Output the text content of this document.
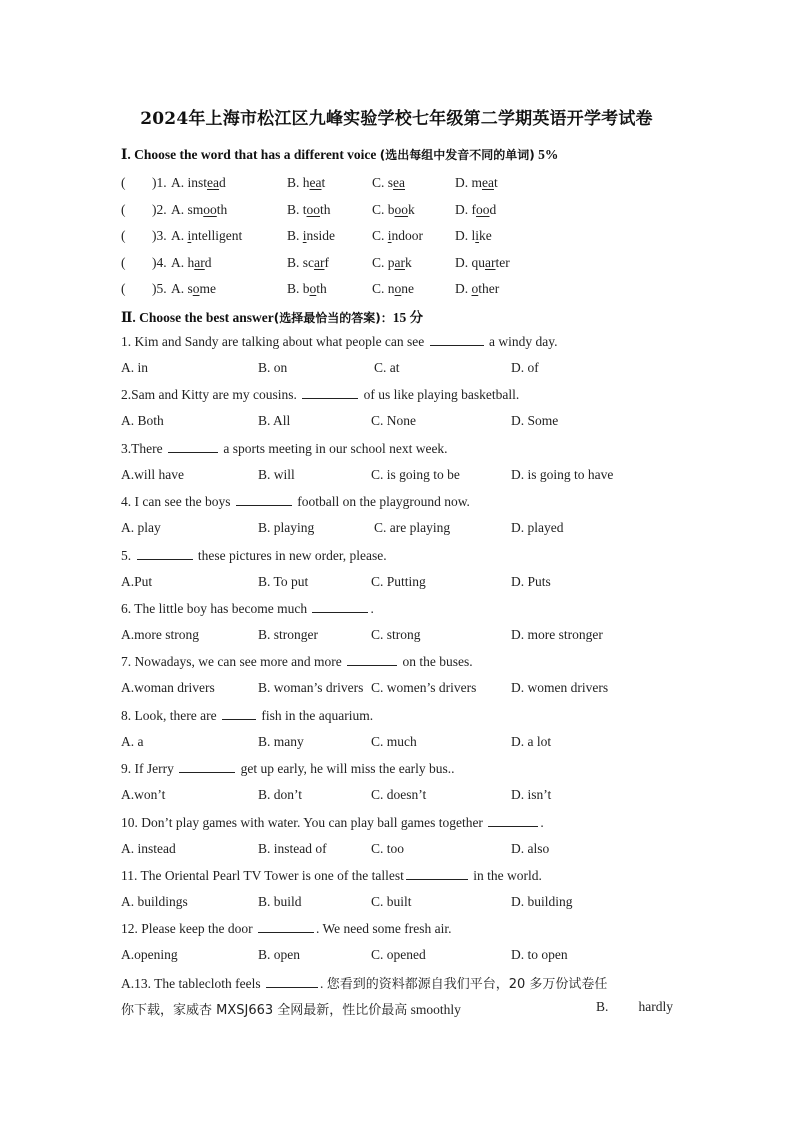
2024年上海市松江区九峰实验学校七年级第二学期英语开学考试卷
Ⅰ. Choose the word that has a different voice (选出每组中发音不同的单词) 5%
( )1. A. instead	B. heat	C. sea	D. meat
( )2. A. smooth	B. tooth	C. book	D. food
( )3. A. intelligent	B. inside	C. indoor D. like
( )4. A. hard	B. scarf	C. park	D. quarter
( )5. A. some	B. both	C. none	D. other
Ⅱ. Choose the best answer(选择最恰当的答案)：15 分
1. Kim and Sandy are talking about what people can see	a windy day.
A. in	B. on	C. at	D. of
2.Sam and Kitty are my cousins.	of us like playing basketball.
A. Both	B. All	C. None	D. Some
3.There	a sports meeting in our school next week.
A.will have	B. will	C. is going to be	D. is going to have
4. I can see the boys	football on the playground now.
A. play	B. playing	C. are playing	D. played
5.	these pictures in new order, please.
A.Put	B. To put	C. Putting	D. Puts
6. The little boy has become much	.
A.more strong	B. stronger	C. strong	D. more stronger
7. Nowadays, we can see more and more	on the buses.
A.woman drivers	B. woman’s drivers C. women’s drivers	D. women drivers
8. Look, there are	fish in the aquarium.
A. a	B. many	C. much	D. a lot
9. If Jerry	get up early, he will miss the early bus..
A.won’t	B. don’t	C. doesn’t	D. isn’t
10. Don’t play games with water. You can play ball games together	.
A. instead	B. instead of	C. too	D. also
11. The Oriental Pearl TV Tower is one of the tallest	in the world.
A. buildings	B. build	C. built	D. building
12. Please keep the door	. We need some fresh air.
A.opening	B. open	C. opened	D. to open
A.13. The tablecloth feels	. 您看到的资料都源自我们平台，20 多万份试卷任
你下载，家威杏 MXSJ663 全网最新，性比价最高 smoothly	B. hardly
